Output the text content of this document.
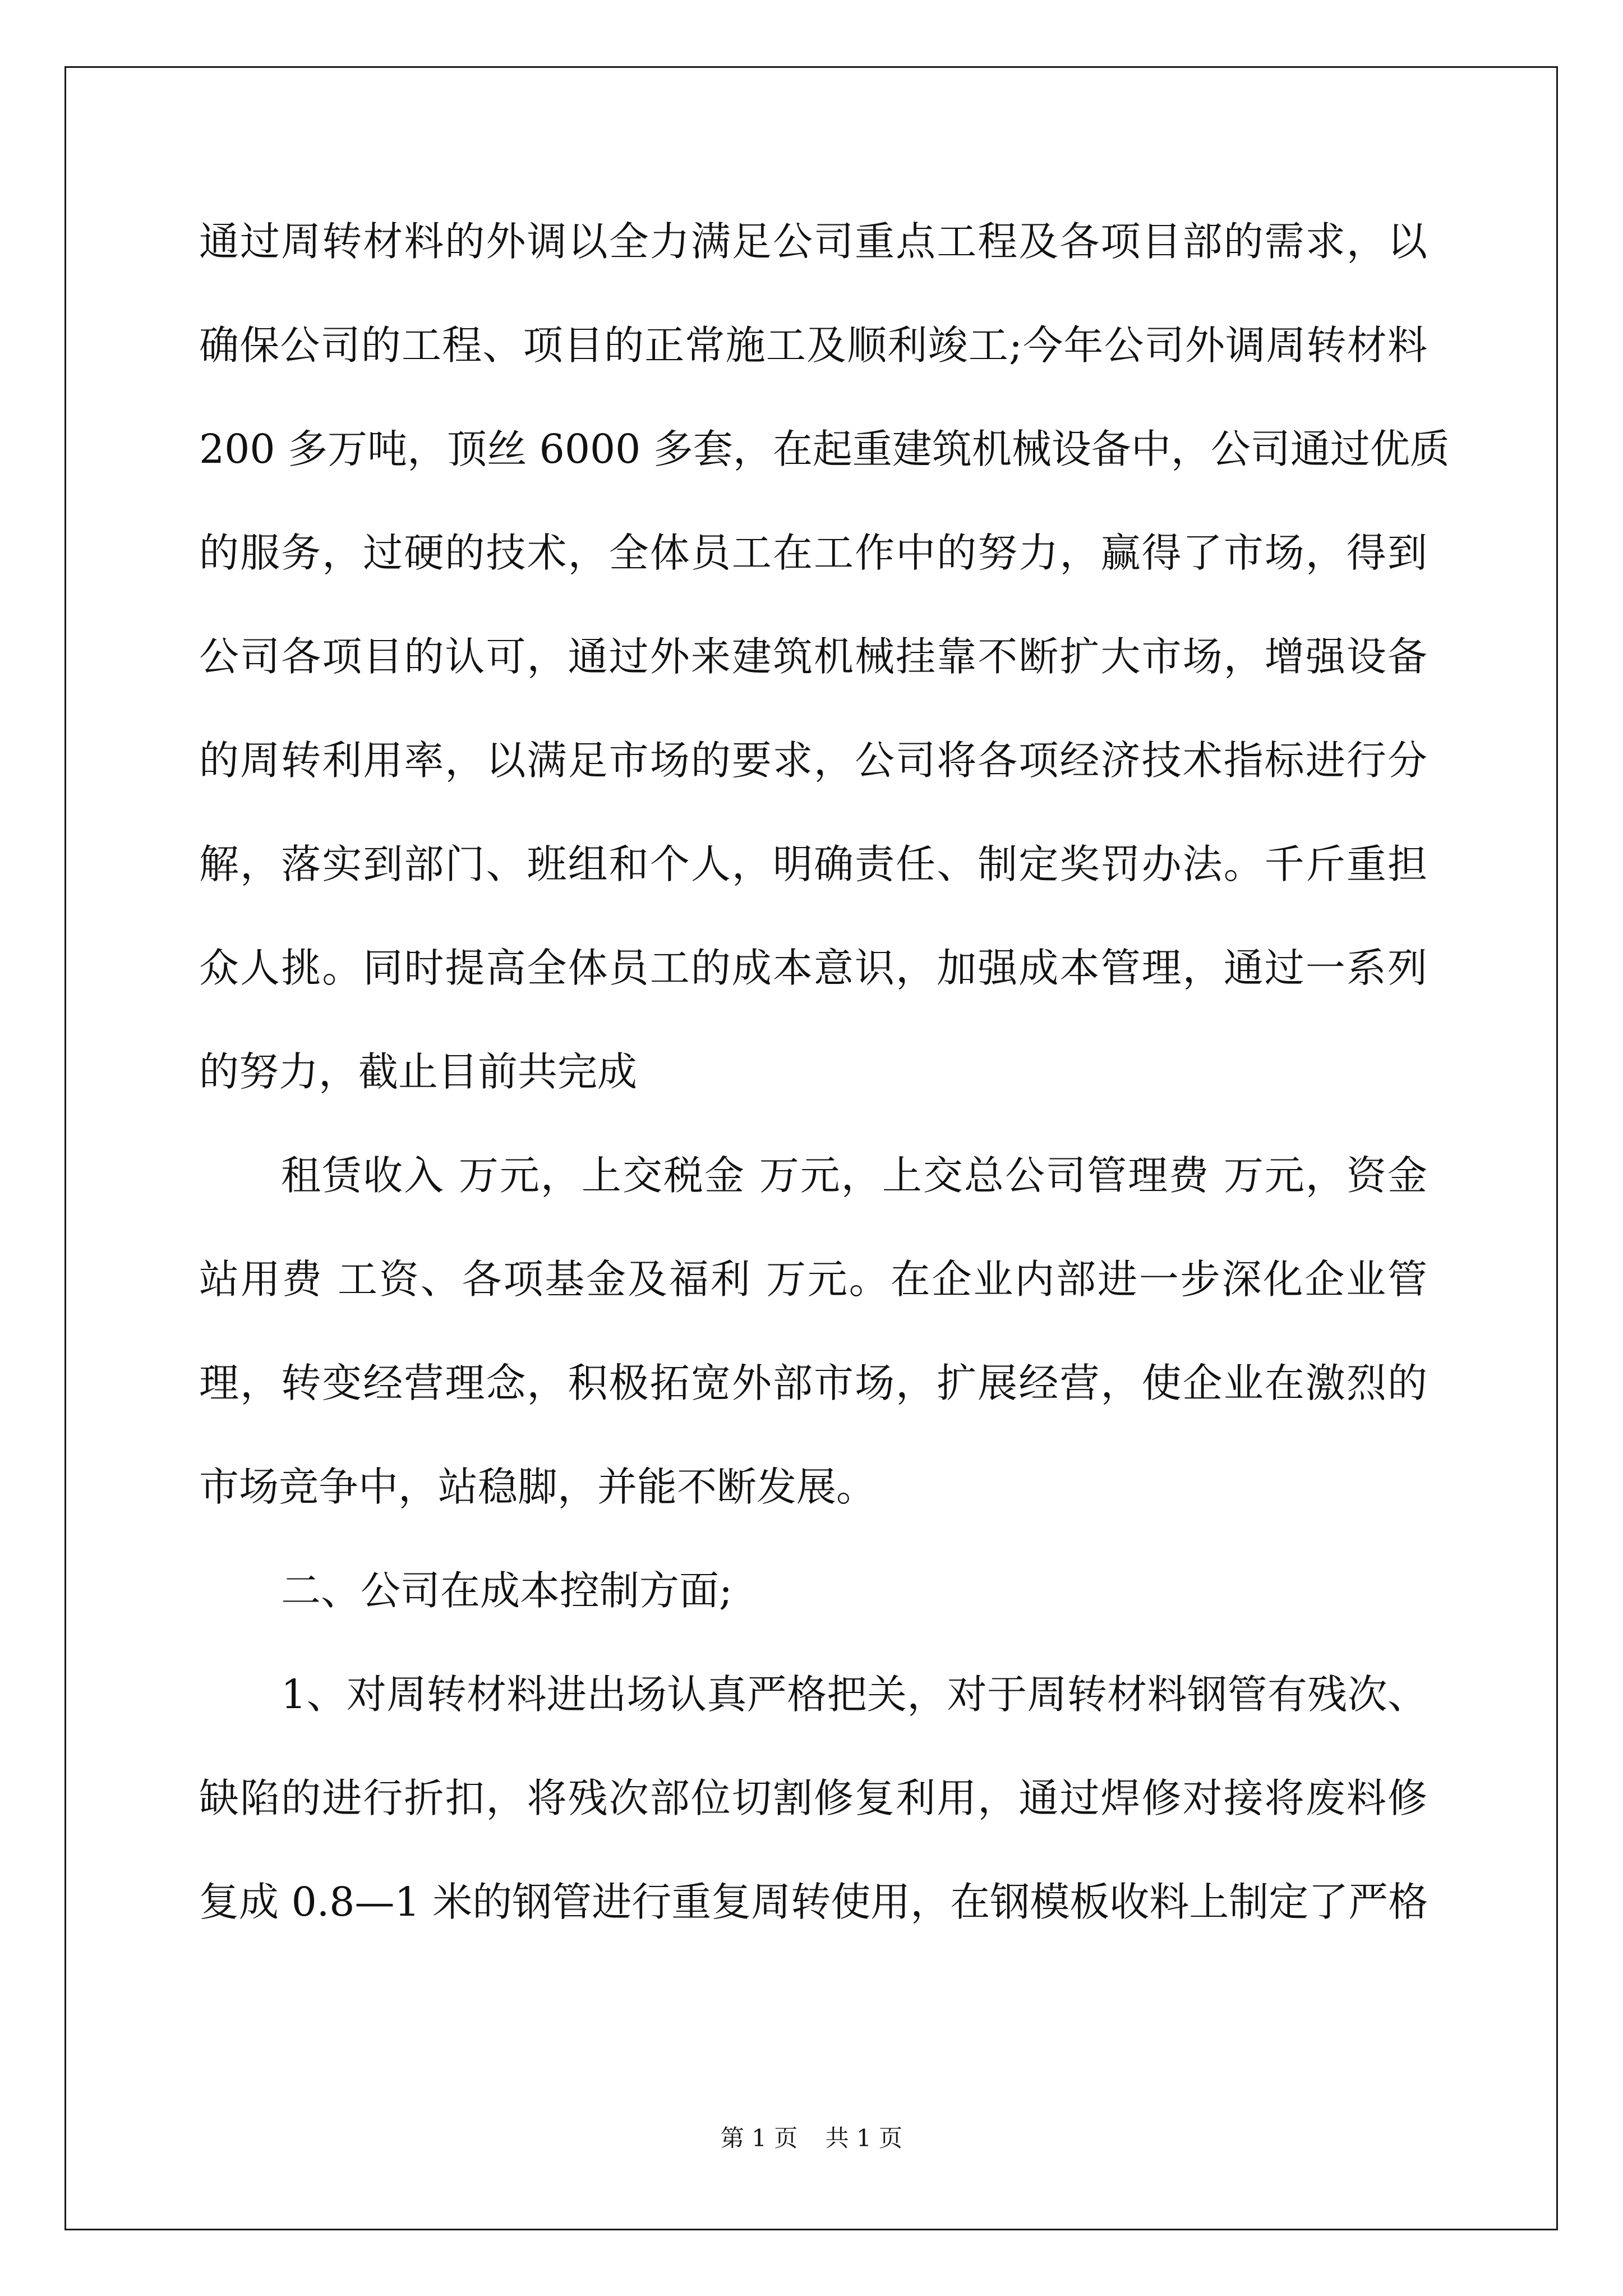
通过周转材料的外调以全力满足公司重点工程及各项目部的需求，以
确保公司的工程、项目的正常施工及顺利竣工;今年公司外调周转材料
200 多万吨，顶丝 6000 多套，在起重建筑机械设备中，公司通过优质
的服务，过硬的技术，全体员工在工作中的努力，赢得了市场，得到
公司各项目的认可，通过外来建筑机械挂靠不断扩大市场，增强设备
的周转利用率，以满足市场的要求，公司将各项经济技术指标进行分
解，落实到部门、班组和个人，明确责任、制定奖罚办法。千斤重担
众人挑。同时提高全体员工的成本意识，加强成本管理，通过一系列
的努力，截止目前共完成
租赁收入 万元，上交税金 万元，上交总公司管理费 万元，资金
站用费 工资、各项基金及福利 万元。在企业内部进一步深化企业管
理，转变经营理念，积极拓宽外部市场，扩展经营，使企业在激烈的
市场竞争中，站稳脚，并能不断发展。
二、公司在成本控制方面;
1、对周转材料进出场认真严格把关，对于周转材料钢管有残次、
缺陷的进行折扣，将残次部位切割修复利用，通过焊修对接将废料修
复成 0.8—1 米的钢管进行重复周转使用，在钢模板收料上制定了严格
第 1 页 共 1 页
